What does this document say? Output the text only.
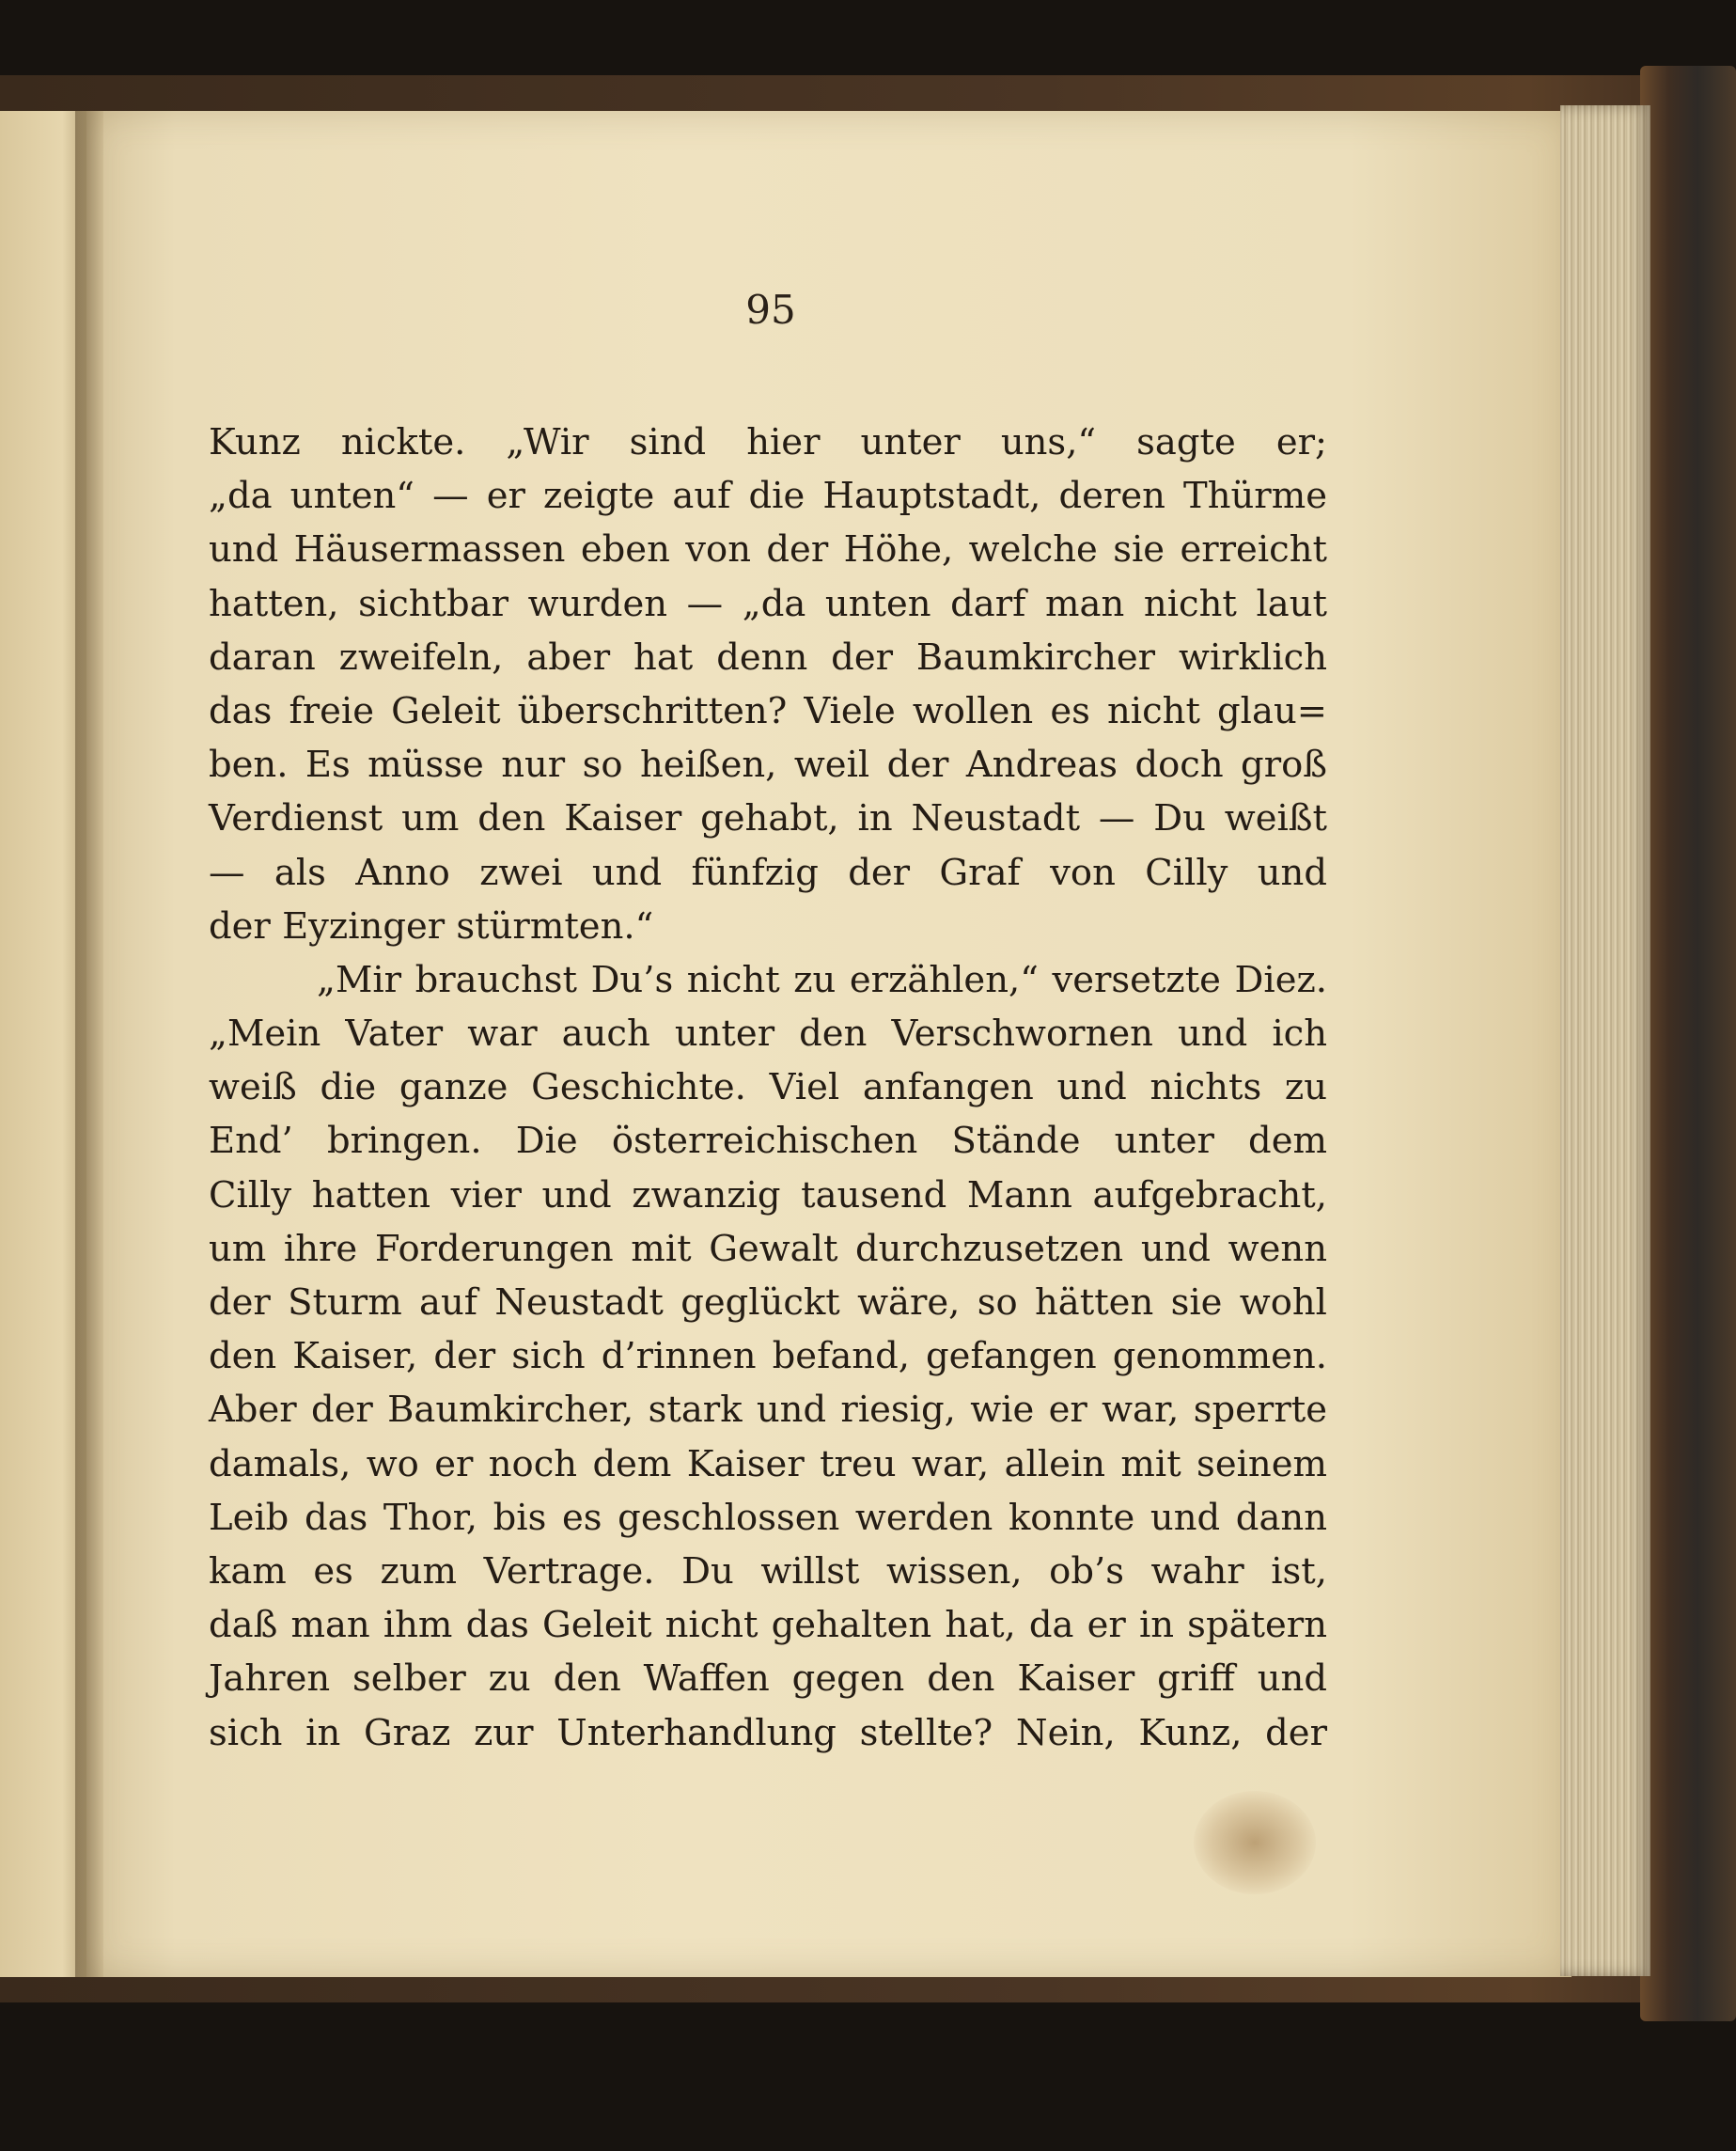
95
Kunz nickte. „Wir sind hier unter uns,“ sagte er;
„da unten“ — er zeigte auf die Hauptstadt, deren Thürme
und Häusermassen eben von der Höhe, welche sie erreicht
hatten, sichtbar wurden — „da unten darf man nicht laut
daran zweifeln, aber hat denn der Baumkircher wirklich
das freie Geleit überschritten? Viele wollen es nicht glau=
ben. Es müsse nur so heißen, weil der Andreas doch groß
Verdienst um den Kaiser gehabt, in Neustadt — Du weißt
— als Anno zwei und fünfzig der Graf von Cilly und
der Eyzinger stürmten.“
„Mir brauchst Du’s nicht zu erzählen,“ versetzte Diez.
„Mein Vater war auch unter den Verschwornen und ich
weiß die ganze Geschichte. Viel anfangen und nichts zu
End’ bringen. Die österreichischen Stände unter dem
Cilly hatten vier und zwanzig tausend Mann aufgebracht,
um ihre Forderungen mit Gewalt durchzusetzen und wenn
der Sturm auf Neustadt geglückt wäre, so hätten sie wohl
den Kaiser, der sich d’rinnen befand, gefangen genommen.
Aber der Baumkircher, stark und riesig, wie er war, sperrte
damals, wo er noch dem Kaiser treu war, allein mit seinem
Leib das Thor, bis es geschlossen werden konnte und dann
kam es zum Vertrage. Du willst wissen, ob’s wahr ist,
daß man ihm das Geleit nicht gehalten hat, da er in spätern
Jahren selber zu den Waffen gegen den Kaiser griff und
sich in Graz zur Unterhandlung stellte? Nein, Kunz, der
